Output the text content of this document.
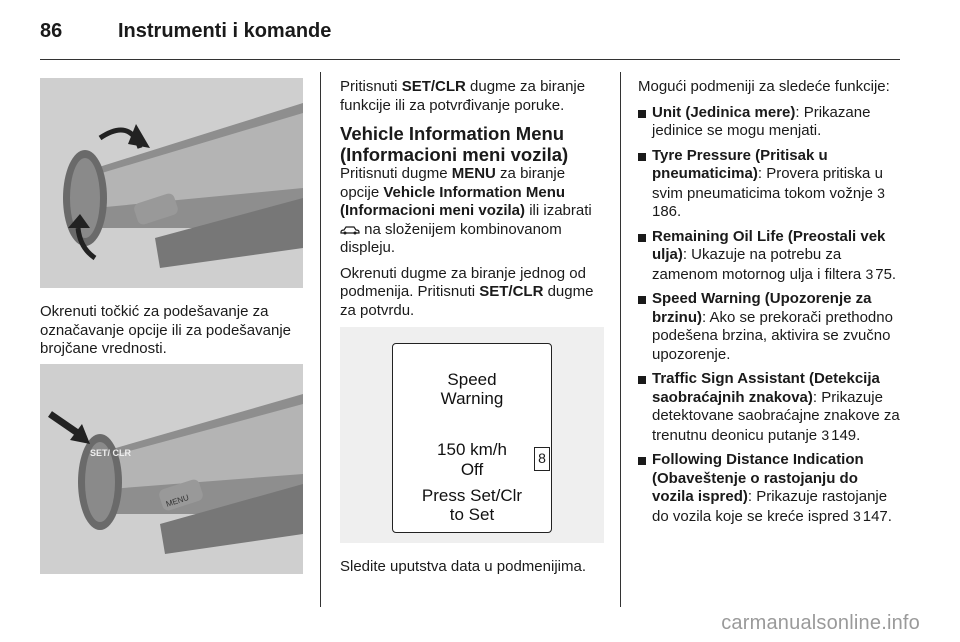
86	Instrumenti i komande
Okrenuti točkić za podešavanje za označavanje opcije ili za podešavanje brojčane vrednosti.
SET/ CLR
MENU

Pritisnuti SET/CLR dugme za biranje funkcije ili za potvrđivanje poruke.

Vehicle Information Menu
(Informacioni meni vozila)

Pritisnuti dugme MENU za biranje opcije Vehicle Information Menu (Informacioni meni vozila) ili izabrati  na složenijem kombinovanom displeju.

Okrenuti dugme za biranje jednog od podmenija. Pritisnuti SET/CLR dugme za potvrdu.

Speed
Warning
150 km/h
Off
Press Set/Clr
to Set
8
Sledite uputstva data u podmenijima.

Mogući podmeniji za sledeće funkcije:

Unit (Jedinica mere): Prikazane jedinice se mogu menjati.
Tyre Pressure (Pritisak u pneumaticima): Provera pritiska u svim pneumaticima tokom vožnje 3186.
Remaining Oil Life (Preostali vek ulja): Ukazuje na potrebu za zamenom motornog ulja i filtera 3 75.
Speed Warning (Upozorenje za brzinu): Ako se prekorači prethodno podešena brzina, aktivira se zvučno upozorenje.
Traffic Sign Assistant (Detekcija saobraćajnih znakova): Prikazuje detektovane saobraćajne znakove za trenutnu deonicu putanje 3 149.
Following Distance Indication (Obaveštenje o rastojanju do vozila ispred): Prikazuje rastojanje do vozila koje se kreće ispred 3 147.
carmanualsonline.info
